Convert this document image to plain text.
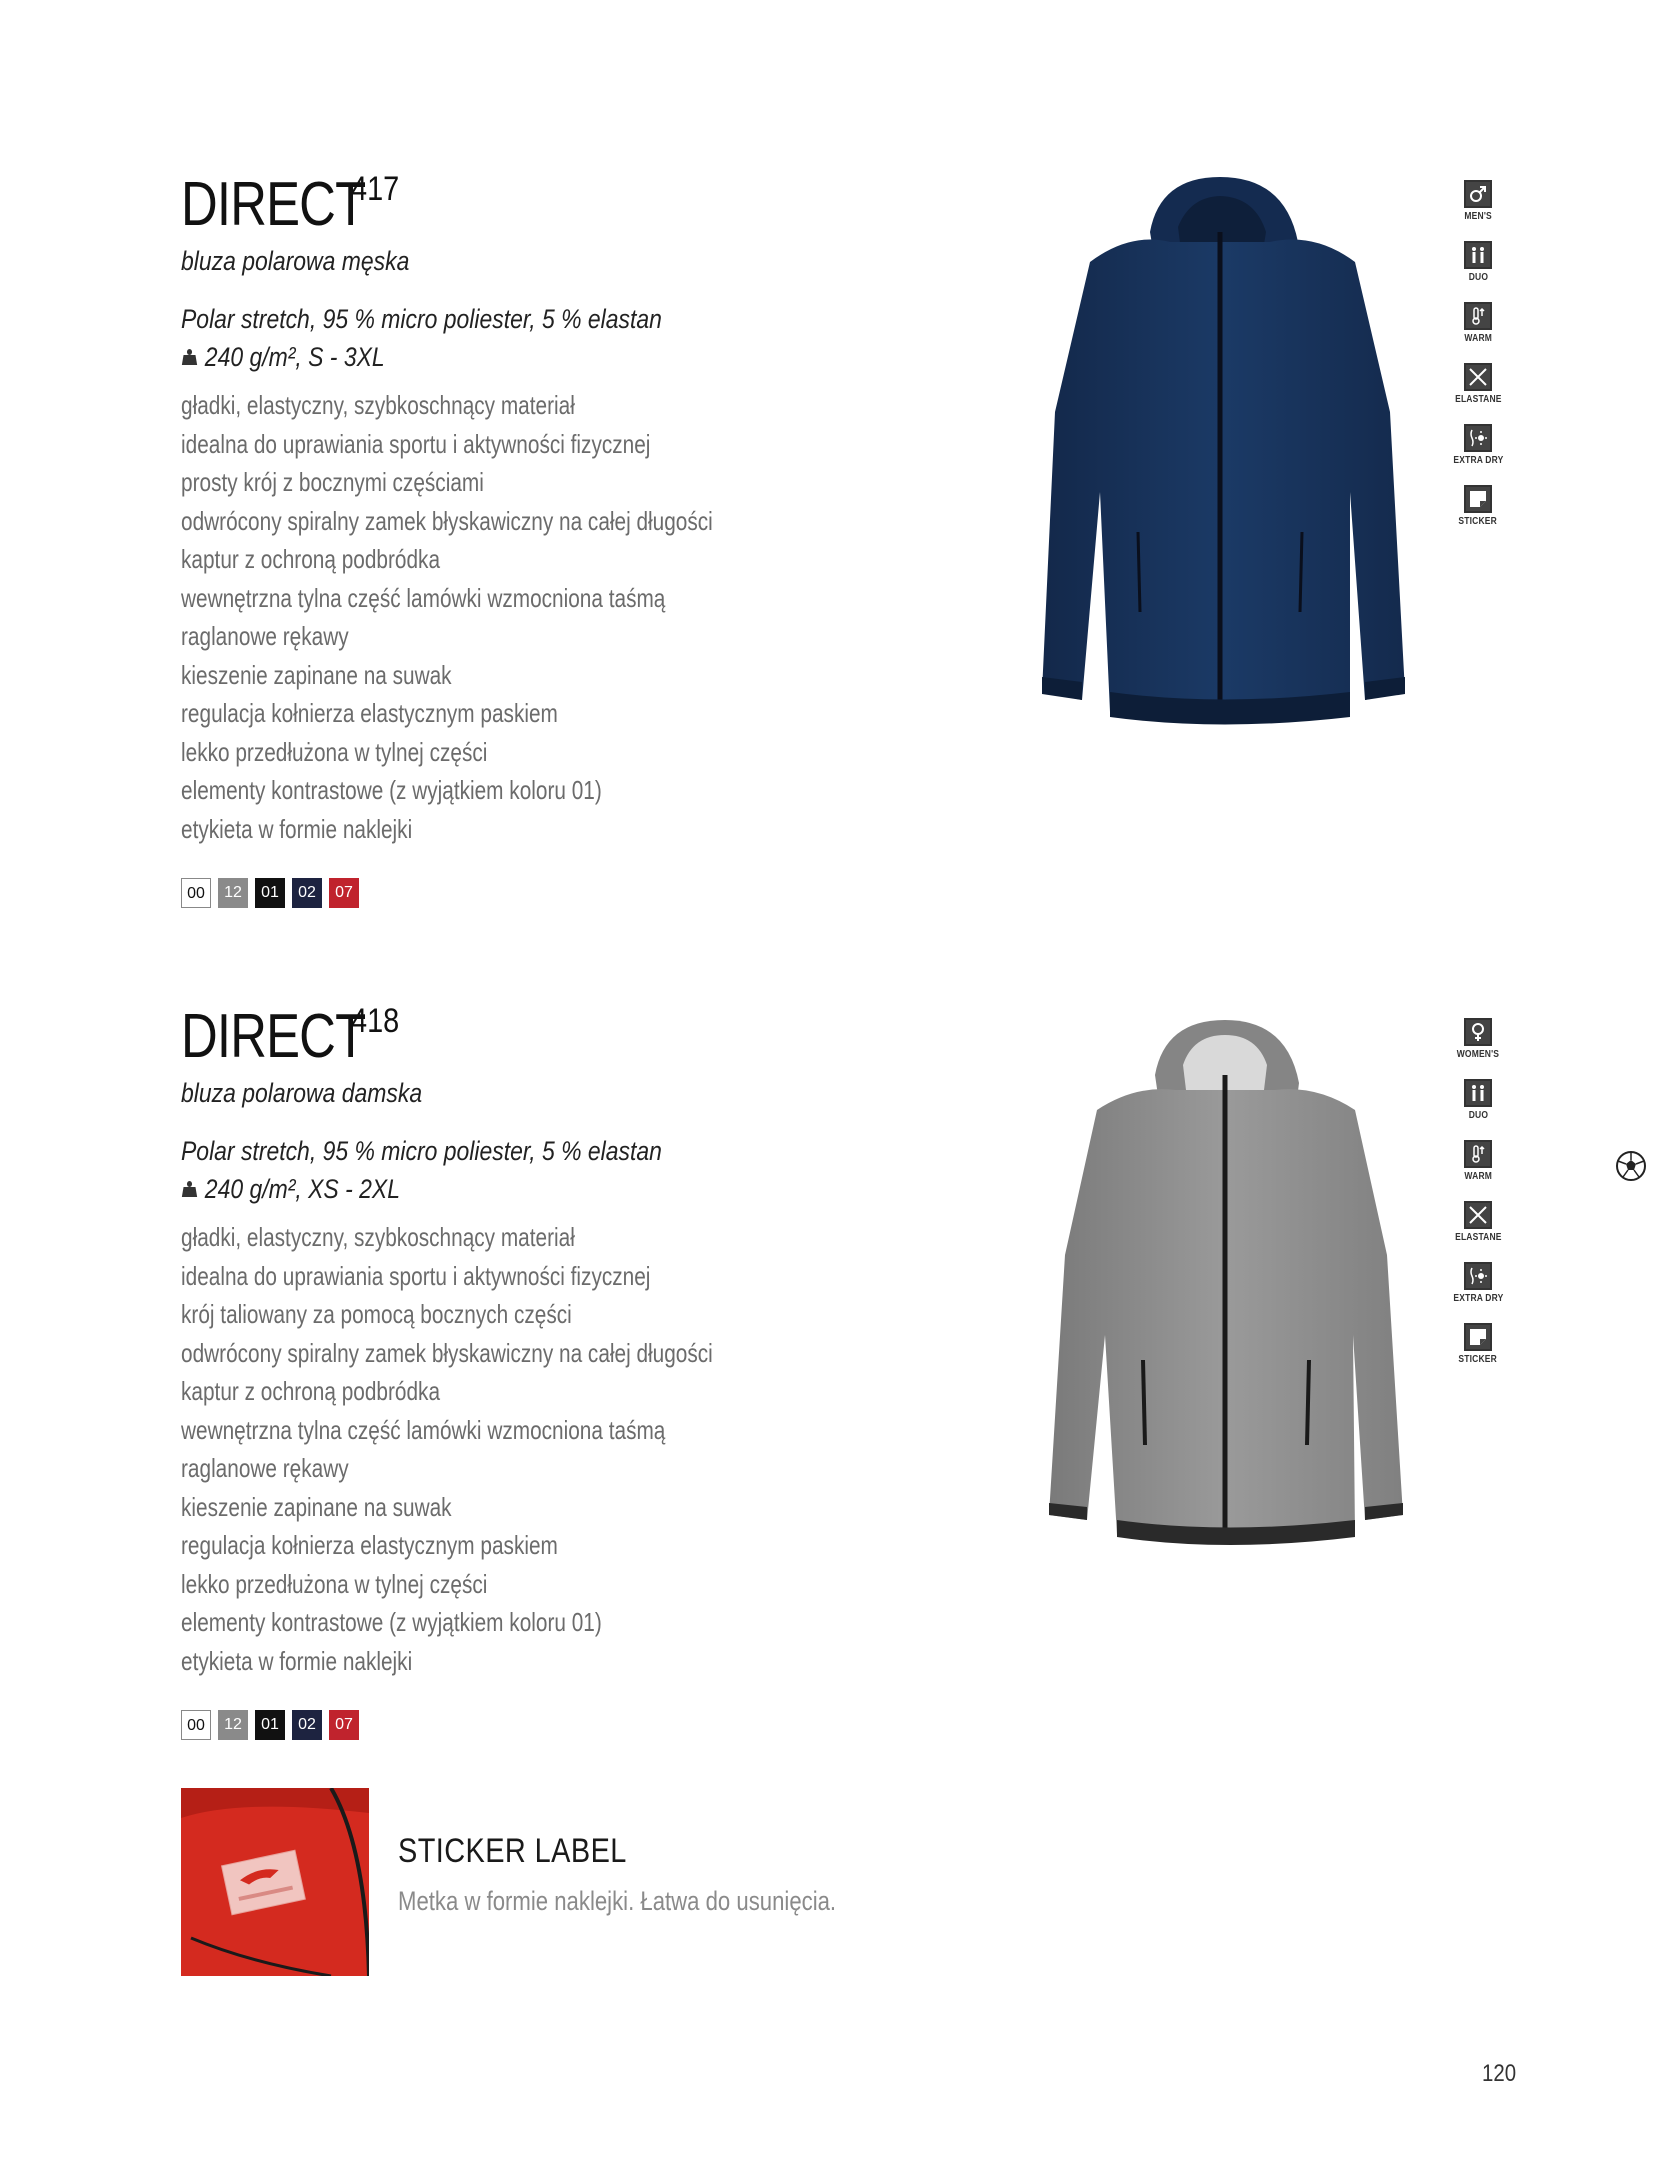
DIRECT
417
bluza polarowa męska
Polar stretch, 95 % micro poliester, 5 % elastan
240 g/m², S - 3XL
gładki, elastyczny, szybkoschnący materiał
idealna do uprawiania sportu i aktywności fizycznej
prosty krój z bocznymi częściami
odwrócony spiralny zamek błyskawiczny na całej długości
kaptur z ochroną podbródka
wewnętrzna tylna część lamówki wzmocniona taśmą
raglanowe rękawy
kieszenie zapinane na suwak
regulacja kołnierza elastycznym paskiem
lekko przedłużona w tylnej części
elementy kontrastowe (z wyjątkiem koloru 01)
etykieta w formie naklejki
00	12	01	02	07
MEN'S
DUO
WARM
ELASTANE
EXTRA DRY
STICKER
DIRECT
418
bluza polarowa damska
Polar stretch, 95 % micro poliester, 5 % elastan
240 g/m², XS - 2XL
gładki, elastyczny, szybkoschnący materiał
idealna do uprawiania sportu i aktywności fizycznej
krój taliowany za pomocą bocznych części
odwrócony spiralny zamek błyskawiczny na całej długości
kaptur z ochroną podbródka
wewnętrzna tylna część lamówki wzmocniona taśmą
raglanowe rękawy
kieszenie zapinane na suwak
regulacja kołnierza elastycznym paskiem
lekko przedłużona w tylnej części
elementy kontrastowe (z wyjątkiem koloru 01)
etykieta w formie naklejki
00	12	01	02	07
WOMEN'S
DUO
WARM
ELASTANE
EXTRA DRY
STICKER
STICKER LABEL
Metka w formie naklejki. Łatwa do usunięcia.
120
